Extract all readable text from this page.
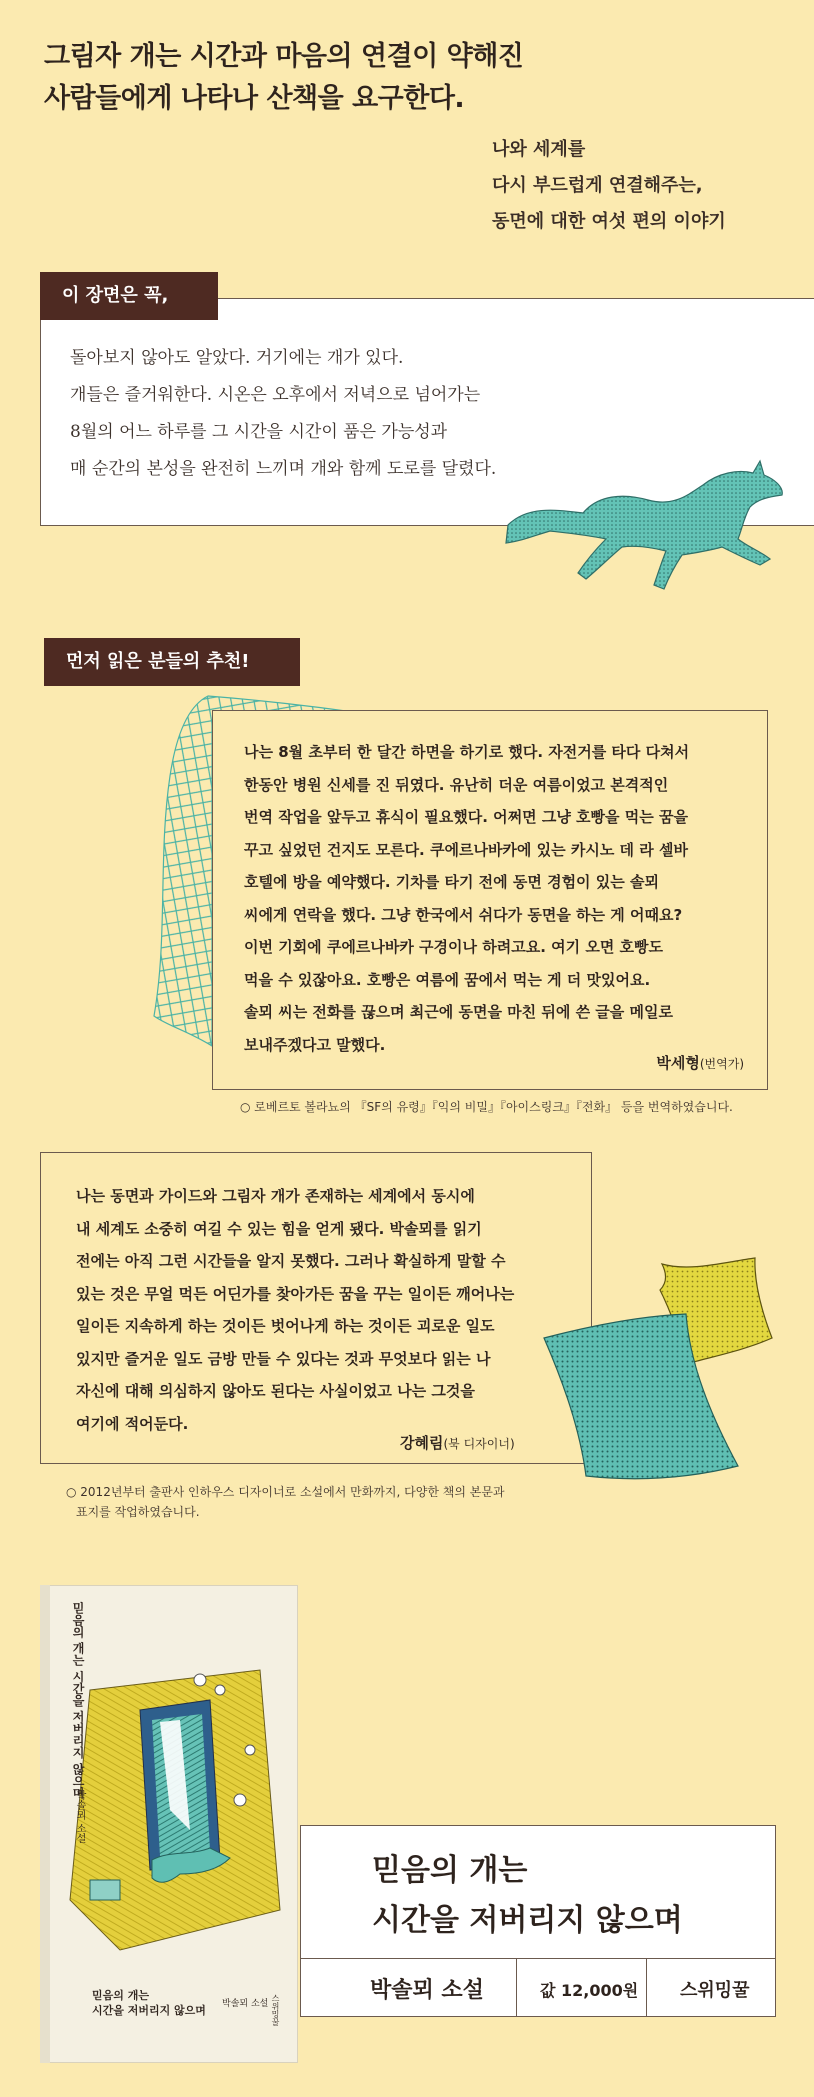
그림자 개는 시간과 마음의 연결이 약해진
사람들에게 나타나 산책을 요구한다.
나와 세계를
다시 부드럽게 연결해주는,
동면에 대한 여섯 편의 이야기
이 장면은 꼭,
돌아보지 않아도 알았다. 거기에는 개가 있다.
개들은 즐거워한다. 시온은 오후에서 저녁으로 넘어가는
8월의 어느 하루를 그 시간을 시간이 품은 가능성과
매 순간의 본성을 완전히 느끼며 개와 함께 도로를 달렸다.
먼저 읽은 분들의 추천!
나는 8월 초부터 한 달간 하면을 하기로 했다. 자전거를 타다 다쳐서
한동안 병원 신세를 진 뒤였다. 유난히 더운 여름이었고 본격적인
번역 작업을 앞두고 휴식이 필요했다. 어쩌면 그냥 호빵을 먹는 꿈을
꾸고 싶었던 건지도 모른다. 쿠에르나바카에 있는 카시노 데 라 셀바
호텔에 방을 예약했다. 기차를 타기 전에 동면 경험이 있는 솔뫼
씨에게 연락을 했다. 그냥 한국에서 쉬다가 동면을 하는 게 어때요?
이번 기회에 쿠에르나바카 구경이나 하려고요. 여기 오면 호빵도
먹을 수 있잖아요. 호빵은 여름에 꿈에서 먹는 게 더 맛있어요.
솔뫼 씨는 전화를 끊으며 최근에 동면을 마친 뒤에 쓴 글을 메일로
보내주겠다고 말했다.
박세형(번역가)
○ 로베르토 볼라뇨의 『SF의 유령』『익의 비밀』『아이스링크』『전화』 등을 번역하였습니다.
나는 동면과 가이드와 그림자 개가 존재하는 세계에서 동시에
내 세계도 소중히 여길 수 있는 힘을 얻게 됐다. 박솔뫼를 읽기
전에는 아직 그런 시간들을 알지 못했다. 그러나 확실하게 말할 수
있는 것은 무얼 먹든 어딘가를 찾아가든 꿈을 꾸는 일이든 깨어나는
일이든 지속하게 하는 것이든 벗어나게 하는 것이든 괴로운 일도
있지만 즐거운 일도 금방 만들 수 있다는 것과 무엇보다 읽는 나
자신에 대해 의심하지 않아도 된다는 사실이었고 나는 그것을
여기에 적어둔다.
강혜림(북 디자이너)
○ 2012년부터 출판사 인하우스 디자이너로 소설에서 만화까지, 다양한 책의 본문과
표지를 작업하였습니다.
믿음의 개는 시간을 저버리지 않으며
박솔뫼 소설
믿음의 개는
시간을 저버리지 않으며 박솔뫼 소설 스위밍꿀
믿음의 개는
시간을 저버리지 않으며
박솔뫼 소설	값 12,000원 스위밍꿀
